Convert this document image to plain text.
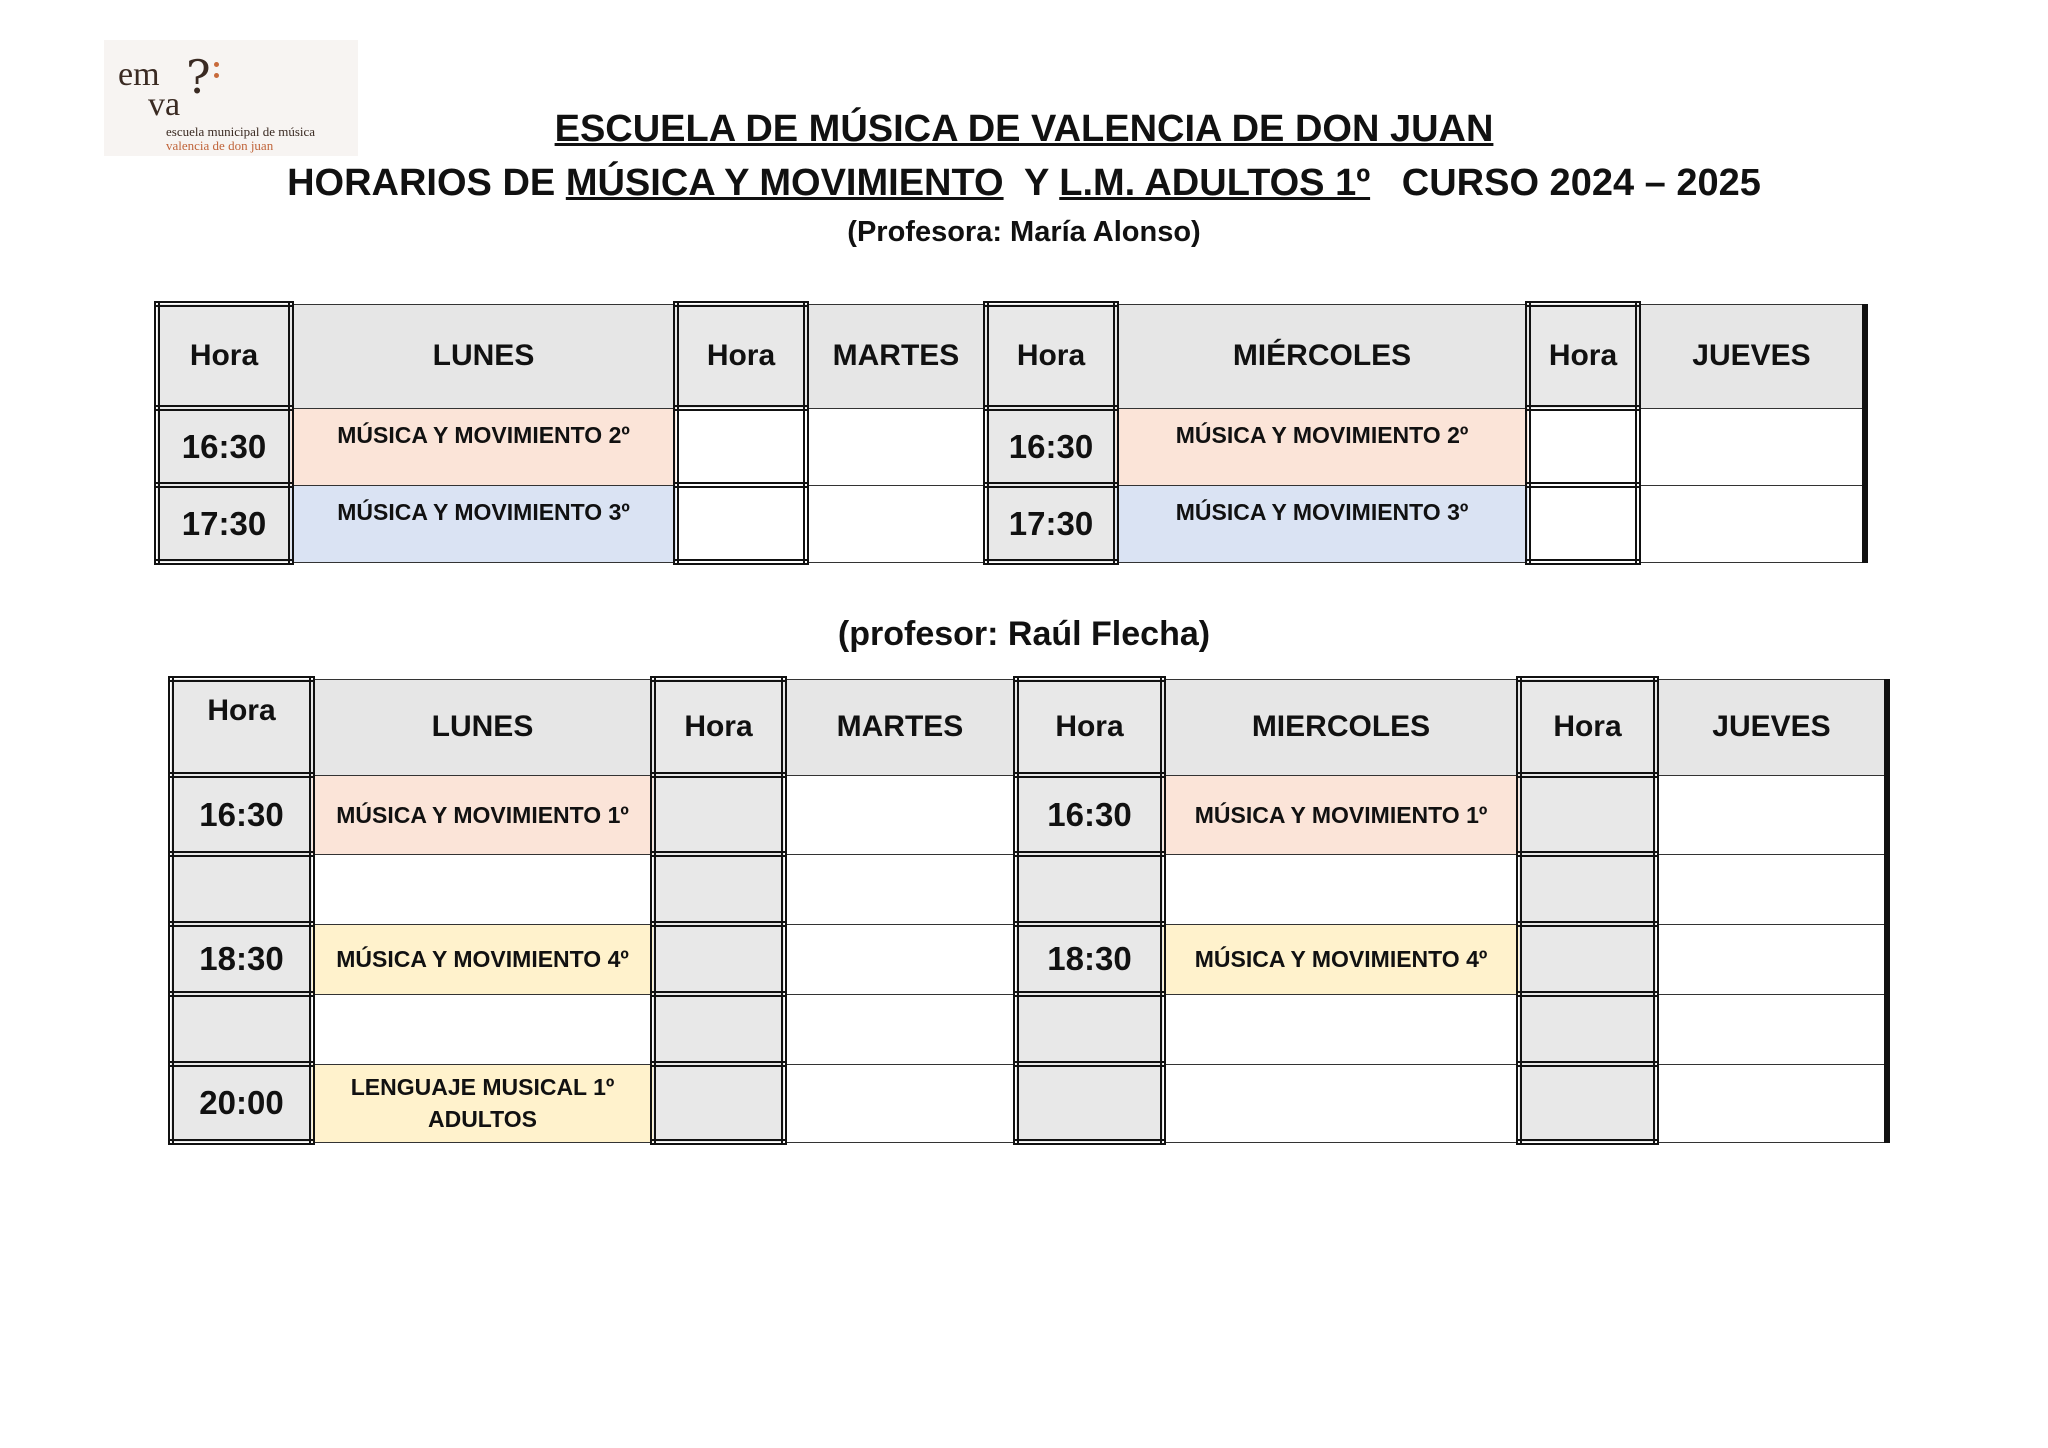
em
va
?
escuela municipal de música
valencia de don juan	ESCUELA DE MÚSICA DE VALENCIA DE DON JUAN
HORARIOS DE MÚSICA Y MOVIMIENTO  Y L.M. ADULTOS 1º   CURSO 2024 – 2025
(Profesora: María Alonso)
Hora	LUNES	Hora	MARTES	Hora	MIÉRCOLES	Hora	JUEVES
16:30	MÚSICA Y MOVIMIENTO 2º			16:30	MÚSICA Y MOVIMIENTO 2º		
17:30	MÚSICA Y MOVIMIENTO 3º			17:30	MÚSICA Y MOVIMIENTO 3º		
(profesor: Raúl Flecha)
Hora	LUNES	Hora	MARTES	Hora	MIERCOLES	Hora	JUEVES
16:30	MÚSICA Y MOVIMIENTO 1º			16:30	MÚSICA Y MOVIMIENTO 1º		

18:30	MÚSICA Y MOVIMIENTO 4º			18:30	MÚSICA Y MOVIMIENTO 4º		

20:00	LENGUAJE MUSICAL 1º
ADULTOS						
